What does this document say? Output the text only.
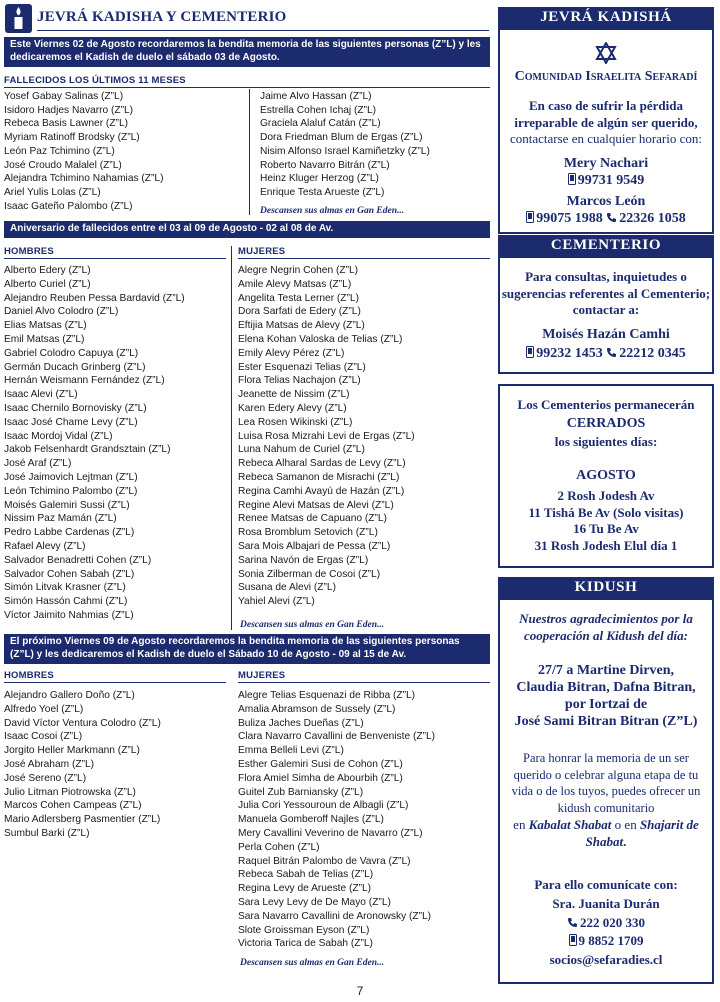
JEVRÁ KADISHA Y CEMENTERIO
Este Viernes 02 de Agosto recordaremos la bendita memoria de las siguientes personas (Z”L) y les dedicaremos el Kadish de duelo el sábado 03 de Agosto.
FALLECIDOS LOS ÚLTIMOS 11 MESES
Yosef Gabay Salinas (Z”L)
Isidoro Hadjes Navarro (Z”L)
Rebeca Basis Lawner (Z”L)
Myriam Ratinoff Brodsky (Z”L)
León Paz Tchimino (Z”L)
José Croudo Malalel (Z”L)
Alejandra Tchimino Nahamias (Z”L)
Ariel Yulis Lolas (Z”L)
Isaac Gateño Palombo (Z”L)
Jaime Alvo Hassan (Z”L)
Estrella Cohen Ichaj (Z”L)
Graciela Alaluf Catán (Z”L)
Dora Friedman Blum de Ergas (Z”L)
Nisim Alfonso Israel Kamiñetzky (Z”L)
Roberto Navarro Bitrán (Z”L)
Heinz Kluger Herzog (Z”L)
Enrique Testa Arueste (Z”L)
Descansen sus almas en Gan Eden...
Aniversario de fallecidos entre el 03 al 09 de Agosto - 02 al 08 de Av.
HOMBRES	MUJERES
Alberto Edery (Z”L)
Alberto Curiel (Z”L)
Alejandro Reuben Pessa Bardavid (Z”L)
Daniel Alvo Colodro (Z”L)
Elias Matsas (Z”L)
Emil Matsas (Z”L)
Gabriel Colodro Capuya (Z”L)
Germán Ducach Grinberg (Z”L)
Hernán Weismann Fernández (Z”L)
Isaac Alevi (Z”L)
Isaac Chernilo Bornovisky (Z”L)
Isaac José Chame Levy (Z”L)
Isaac Mordoj Vidal (Z”L)
Jakob Felsenhardt Grandsztain (Z”L)
José Araf (Z”L)
José Jaimovich Lejtman (Z”L)
León Tchimino Palombo (Z”L)
Moisés Galemiri Sussi (Z”L)
Nissim Paz Mamán (Z”L)
Pedro Labbe Cardenas (Z”L)
Rafael Alevy (Z”L)
Salvador Benadretti Cohen (Z”L)
Salvador Cohen Sabah (Z”L)
Simón Litvak Krasner (Z”L)
Simón Hassón Cahmi (Z”L)
Víctor Jaimito Nahmias (Z”L)
Alegre Negrin Cohen (Z”L)
Amile Alevy Matsas (Z”L)
Angelita Testa Lerner (Z”L)
Dora Sarfati de Edery (Z”L)
Eftijia Matsas de Alevy (Z”L)
Elena Kohan Valoska de Telias (Z”L)
Emily Alevy Pérez (Z”L)
Ester Esquenazi Telias (Z”L)
Flora Telias Nachajon (Z”L)
Jeanette de Nissim (Z”L)
Karen Edery Alevy (Z”L)
Lea Rosen Wikinski (Z”L)
Luisa Rosa Mizrahi Levi de Ergas (Z”L)
Luna Nahum de Curiel (Z”L)
Rebeca Alharal Sardas de Levy (Z”L)
Rebeca Samanon de Misrachi (Z”L)
Regina Camhi Avayú de Hazán (Z”L)
Regine Alevi Matsas de Alevi (Z”L)
Renee Matsas de Capuano (Z”L)
Rosa Bromblum Setovich (Z”L)
Sara Mois Albajari de Pessa (Z”L)
Sarina Navón de Ergas (Z”L)
Sonia Zilberman de Cosoi (Z”L)
Susana de Alevi (Z”L)
Yahiel Alevi (Z”L)
Descansen sus almas en Gan Eden...
El próximo Viernes 09 de Agosto recordaremos la bendita memoria de las siguientes personas (Z”L) y les dedicaremos el Kadish de duelo el Sábado 10 de Agosto - 09 al 15 de Av.
HOMBRES	MUJERES
Alejandro Gallero Doño (Z”L)
Alfredo Yoel (Z”L)
David Víctor Ventura Colodro (Z”L)
Isaac Cosoi (Z”L)
Jorgito Heller Markmann (Z”L)
José Abraham (Z”L)
José Sereno (Z”L)
Julio Litman Piotrowska (Z”L)
Marcos Cohen Campeas (Z”L)
Mario Adlersberg Pasmentier (Z”L)
Sumbul Barki (Z”L)
Alegre Telias Esquenazi de Ribba (Z”L)
Amalia Abramson de Sussely (Z”L)
Buliza Jaches Dueñas (Z”L)
Clara Navarro Cavallini de Benveniste (Z”L)
Emma Belleli Levi (Z”L)
Esther Galemiri Susi de Cohon (Z”L)
Flora Amiel Simha de Abourbih (Z”L)
Guitel Zub Barniansky (Z”L)
Julia Cori Yessouroun de Albagli (Z”L)
Manuela Gomberoff Najles (Z”L)
Mery Cavallini Veverino de Navarro (Z”L)
Perla Cohen (Z”L)
Raquel Bitrán Palombo de Vavra (Z”L)
Rebeca Sabah de Telias (Z”L)
Regina Levy de Arueste (Z”L)
Sara Levy Levy de De Mayo (Z”L)
Sara Navarro Cavallini de Aronowsky (Z”L)
Slote Groissman Eyson (Z”L)
Victoria Tarica de Sabah (Z”L)
Descansen sus almas en Gan Eden...
JEVRÁ KADISHÁ
Comunidad Israelita Sefaradí
En caso de sufrir la pérdida irreparable de algún ser querido, contactarse en cualquier horario con:
Mery Nachari
99731 9549
Marcos León
99075 1988 22326 1058
CEMENTERIO
Para consultas, inquietudes o sugerencias referentes al Cementerio; contactar a:
Moisés Hazán Camhi
99232 1453 22212 0345
Los Cementerios permanecerán
CERRADOS
los siguientes días:
AGOSTO
2 Rosh Jodesh Av
11 Tishá Be Av (Solo visitas)
16 Tu Be Av
31 Rosh Jodesh Elul día 1
KIDUSH
Nuestros agradecimientos por la cooperación al Kidush del día:
27/7 a Martine Dirven,
Claudia Bitran, Dafna Bitran,
por Iortzai de
José Sami Bitran Bitran (Z”L)
Para honrar la memoria de un ser querido o celebrar alguna etapa de tu vida o de los tuyos, puedes ofrecer un kidush comunitario
en Kabalat Shabat o en Shajarit de Shabat.
Para ello comunícate con:
Sra. Juanita Durán
222 020 330
9 8852 1709
socios@sefaradies.cl
7
